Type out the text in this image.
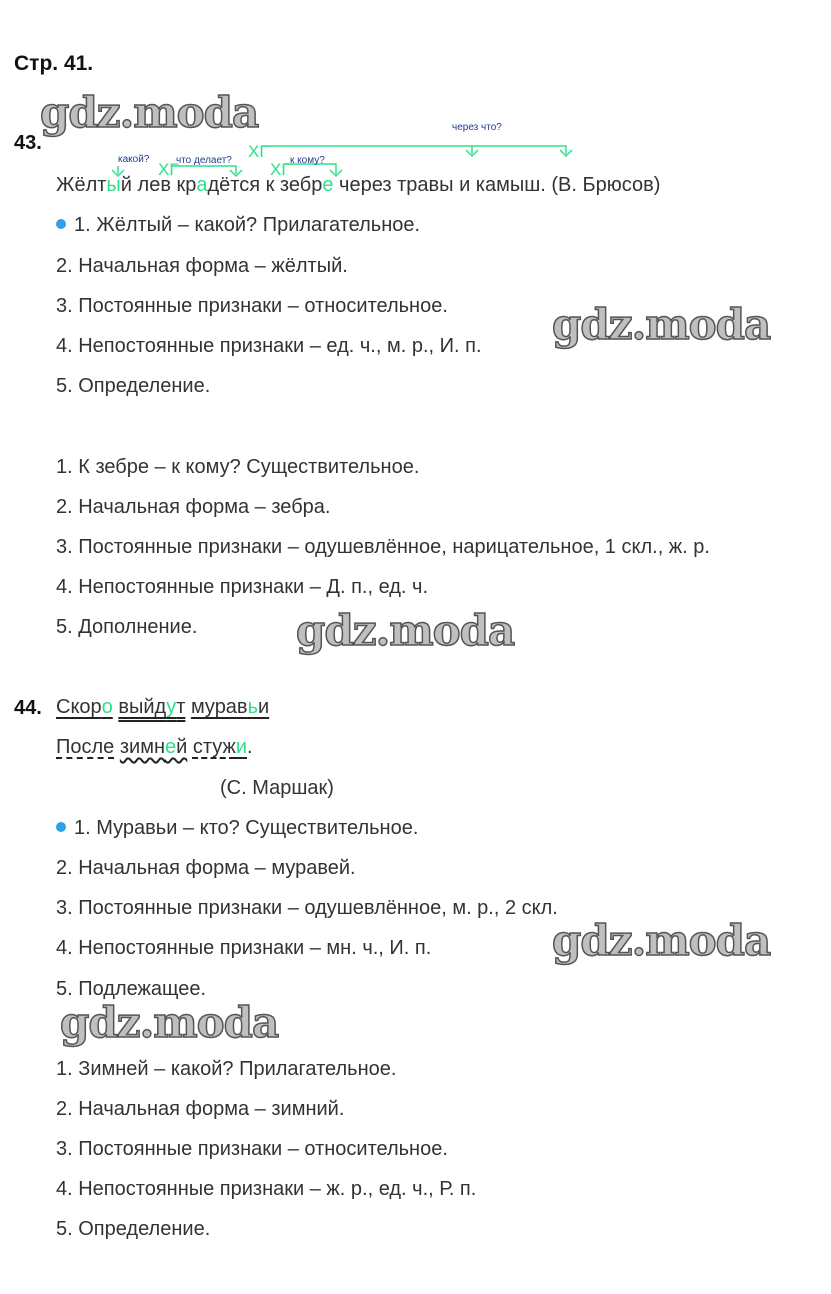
Стр. 41.
gdz.moda
gdz.moda
gdz.moda
gdz.moda
gdz.moda
43.
какой?	что делает?	к кому?
через что?
ХГ
ХГ
ХГ
Жёлтый лев крадётся к зебре через травы и камыш. (В. Брюсов)
1. Жёлтый – какой? Прилагательное.
2. Начальная форма – жёлтый.
3. Постоянные признаки – относительное.
4. Непостоянные признаки – ед. ч., м. р., И. п.
5. Определение.
1. К зебре – к кому? Существительное.
2. Начальная форма – зебра.
3. Постоянные признаки – одушевлённое, нарицательное, 1 скл., ж. р.
4. Непостоянные признаки – Д. п., ед. ч.
5. Дополнение.
44. Скоро выйдут муравьи
После зимней стужи.
(С. Маршак)
1. Муравьи – кто? Существительное.
2. Начальная форма – муравей.
3. Постоянные признаки – одушевлённое, м. р., 2 скл.
4. Непостоянные признаки – мн. ч., И. п.
5. Подлежащее.
1. Зимней – какой? Прилагательное.
2. Начальная форма – зимний.
3. Постоянные признаки – относительное.
4. Непостоянные признаки – ж. р., ед. ч., Р. п.
5. Определение.
